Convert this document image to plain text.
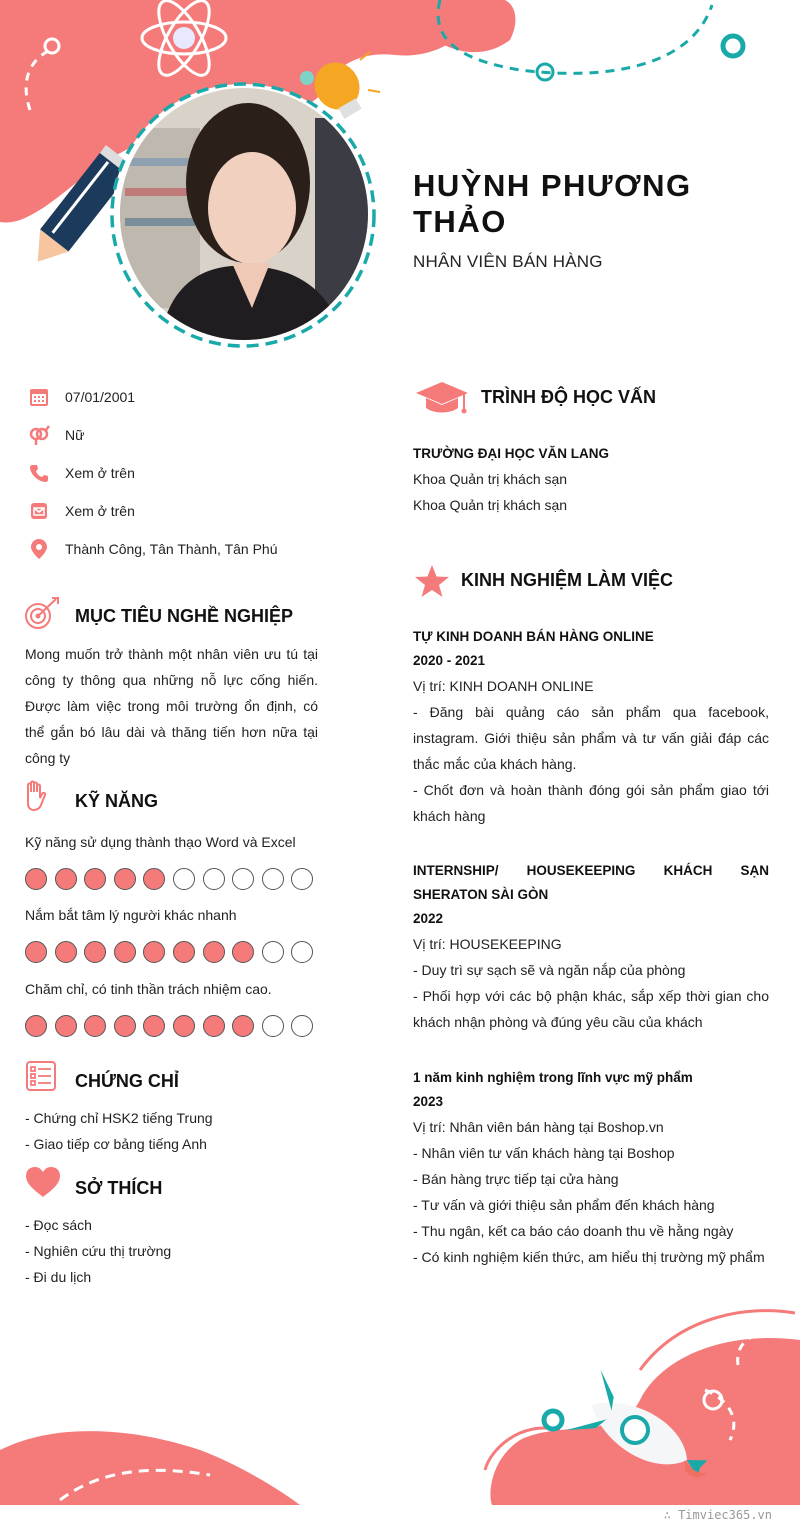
HUỲNH PHƯƠNG THẢO
NHÂN VIÊN BÁN HÀNG
07/01/2001
Nữ
Xem ở trên
Xem ở trên
Thành Công, Tân Thành, Tân Phú
MỤC TIÊU NGHỀ NGHIỆP
Mong muốn trở thành một nhân viên ưu tú tại công ty thông qua những nỗ lực cống hiến. Được làm việc trong môi trường ổn định, có thể gắn bó lâu dài và thăng tiến hơn nữa tại công ty
KỸ NĂNG
Kỹ năng sử dụng thành thạo Word và Excel
Nắm bắt tâm lý người khác nhanh
Chăm chỉ, có tinh thần trách nhiệm cao.
CHỨNG CHỈ
- Chứng chỉ HSK2 tiếng Trung
- Giao tiếp cơ bảng tiếng Anh
SỞ THÍCH
- Đọc sách
- Nghiên cứu thị trường
- Đi du lịch
TRÌNH ĐỘ HỌC VẤN
TRƯỜNG ĐẠI HỌC VĂN LANG
Khoa Quản trị khách sạn
Khoa Quản trị khách sạn
KINH NGHIỆM LÀM VIỆC
TỰ KINH DOANH BÁN HÀNG ONLINE
2020 - 2021
Vị trí: KINH DOANH ONLINE
- Đăng bài quảng cáo sản phẩm qua facebook, instagram. Giới thiệu sản phẩm và tư vấn giải đáp các thắc mắc của khách hàng.
- Chốt đơn và hoàn thành đóng gói sản phẩm giao tới khách hàng
INTERNSHIP/ HOUSEKEEPING KHÁCH SẠN SHERATON SÀI GÒN
2022
Vị trí: HOUSEKEEPING
- Duy trì sự sạch sẽ và ngăn nắp của phòng
- Phối hợp với các bộ phận khác, sắp xếp thời gian cho khách nhận phòng và đúng yêu cầu của khách
1 năm kinh nghiệm trong lĩnh vực mỹ phẩm
2023
Vị trí: Nhân viên bán hàng tại Boshop.vn
- Nhân viên tư vấn khách hàng tại Boshop
- Bán hàng trực tiếp tại cửa hàng
- Tư vấn và giới thiệu sản phẩm đến khách hàng
- Thu ngân, kết ca báo cáo doanh thu về hằng ngày
- Có kinh nghiệm kiến thức, am hiểu thị trường mỹ phẩm
∴ Timviec365.vn
